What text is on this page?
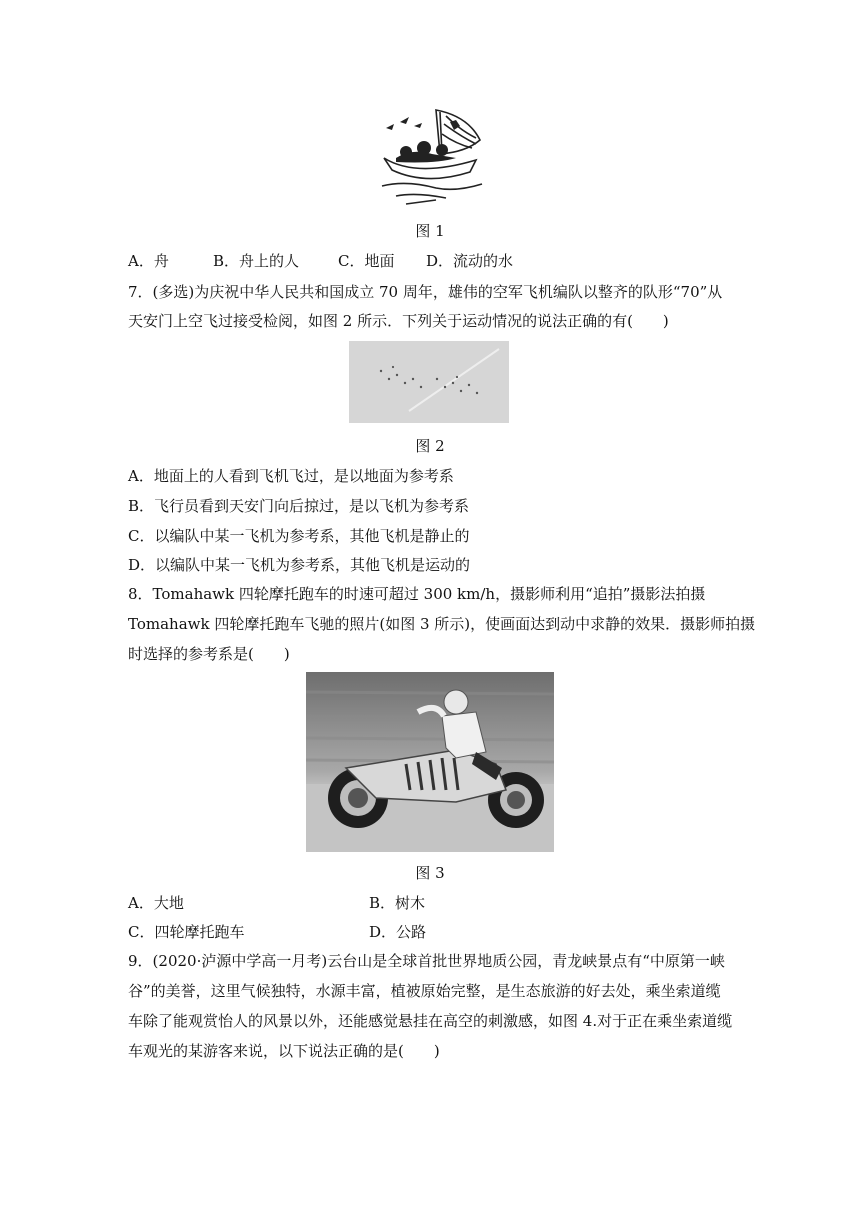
图 1
A．舟	B．舟上的人	C．地面 D．流动的水
7．(多选)为庆祝中华人民共和国成立 70 周年，雄伟的空军飞机编队以整齐的队形“70”从
天安门上空飞过接受检阅，如图 2 所示．下列关于运动情况的说法正确的有(　　)
图 2
A．地面上的人看到飞机飞过，是以地面为参考系
B．飞行员看到天安门向后掠过，是以飞机为参考系
C．以编队中某一飞机为参考系，其他飞机是静止的
D．以编队中某一飞机为参考系，其他飞机是运动的
8．Tomahawk 四轮摩托跑车的时速可超过 300 km/h，摄影师利用“追拍”摄影法拍摄
Tomahawk 四轮摩托跑车飞驰的照片(如图 3 所示)，使画面达到动中求静的效果．摄影师拍摄
时选择的参考系是(　　)
图 3
A．大地	B．树木
C．四轮摩托跑车	D．公路
9．(2020·泸源中学高一月考)云台山是全球首批世界地质公园，青龙峡景点有“中原第一峡
谷”的美誉，这里气候独特，水源丰富，植被原始完整，是生态旅游的好去处，乘坐索道缆
车除了能观赏怡人的风景以外，还能感觉悬挂在高空的刺激感，如图 4.对于正在乘坐索道缆
车观光的某游客来说，以下说法正确的是(　　)
